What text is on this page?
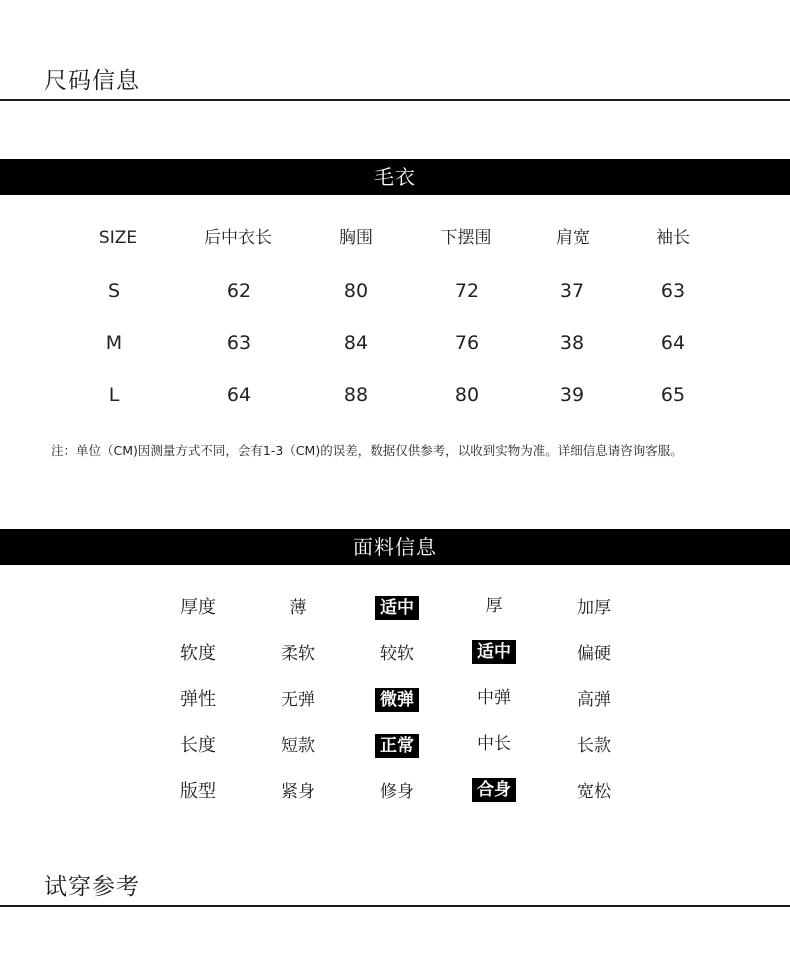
尺码信息
毛衣
SIZE	后中衣长	胸围	下摆围	肩宽	袖长
S	62	80	72	37	63
M	63	84	76	38	64
L	64	88	80	39	65
注：单位（CM)因测量方式不同，会有1-3（CM)的误差，数据仅供参考，以收到实物为准。详细信息请咨询客服。
面料信息
厚度	薄	适中	厚	加厚
软度	柔软	较软	适中	偏硬
弹性	无弹	微弹	中弹	高弹
长度	短款	正常	中长	长款
版型	紧身	修身	合身	宽松
试穿参考
